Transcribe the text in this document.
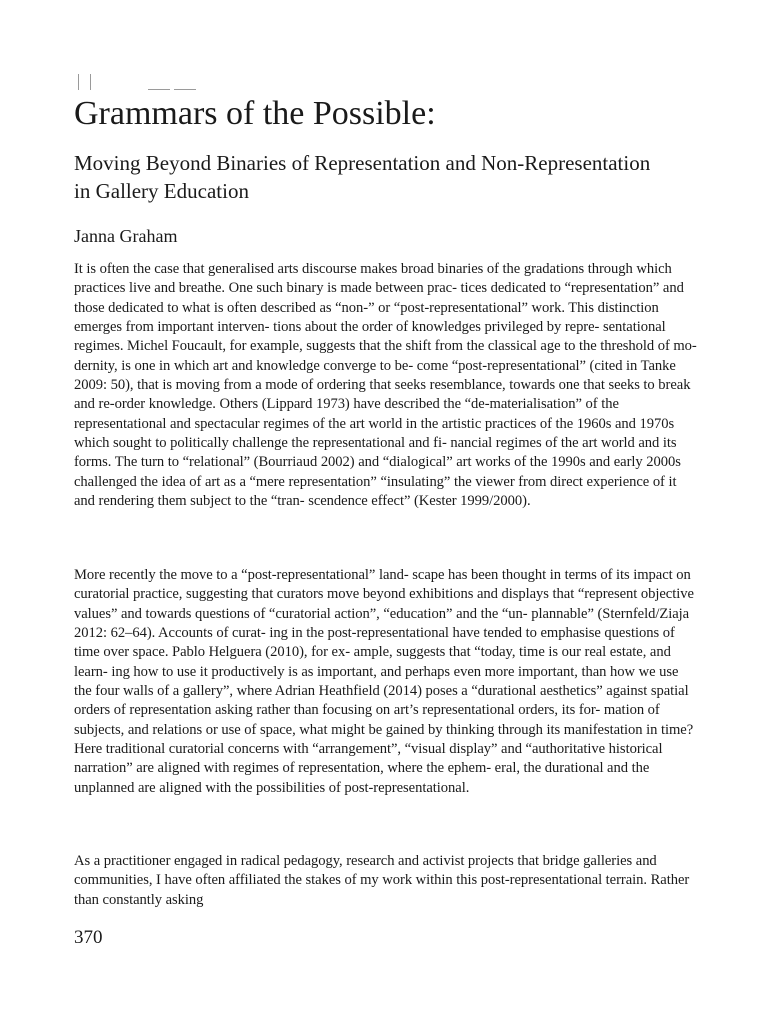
Grammars of the Possible:
Moving Beyond Binaries of Representation and Non-Representation in Gallery Education

Janna Graham

It is often the case that generalised arts discourse makes broad binaries of the gradations through which practices live and breathe. One such binary is made between prac- tices dedicated to “representation” and those dedicated to what is often described as “non-” or “post-representational” work. This distinction emerges from important interven- tions about the order of knowledges privileged by repre- sentational regimes. Michel Foucault, for example, suggests that the shift from the classical age to the threshold of mo- dernity, is one in which art and knowledge converge to be- come “post-representational” (cited in Tanke 2009: 50), that is moving from a mode of ordering that seeks resemblance, towards one that seeks to break and re-order knowledge. Others (Lippard 1973) have described the “de-materialisation” of the representational and spectacular regimes of the art world in the artistic practices of the 1960s and 1970s which sought to politically challenge the representational and fi- nancial regimes of the art world and its forms. The turn to “relational” (Bourriaud 2002) and “dialogical” art works of the 1990s and early 2000s challenged the idea of art as a “mere representation” “insulating” the viewer from direct experience of it and rendering them subject to the “tran- scendence effect” (Kester 1999/2000).

More recently the move to a “post-representational” land- scape has been thought in terms of its impact on curatorial practice, suggesting that curators move beyond exhibitions and displays that “represent objective values” and towards questions of “curatorial action”, “education” and the “un- plannable” (Sternfeld/Ziaja 2012: 62–64). Accounts of curat- ing in the post-representational have tended to emphasise questions of time over space. Pablo Helguera (2010), for ex- ample, suggests that “today, time is our real estate, and learn- ing how to use it productively is as important, and perhaps even more important, than how we use the four walls of a gallery”, where Adrian Heathfield (2014) poses a “durational aesthetics” against spatial orders of representation asking rather than focusing on art’s representational orders, its for- mation of subjects, and relations or use of space, what might be gained by thinking through its manifestation in time? Here traditional curatorial concerns with “arrangement”, “visual display” and “authoritative historical narration” are aligned with regimes of representation, where the ephem- eral, the durational and the unplanned are aligned with the possibilities of post-representational.

As a practitioner engaged in radical pedagogy, research and activist projects that bridge galleries and communities, I have often affiliated the stakes of my work within this post-representational terrain. Rather than constantly asking

370
